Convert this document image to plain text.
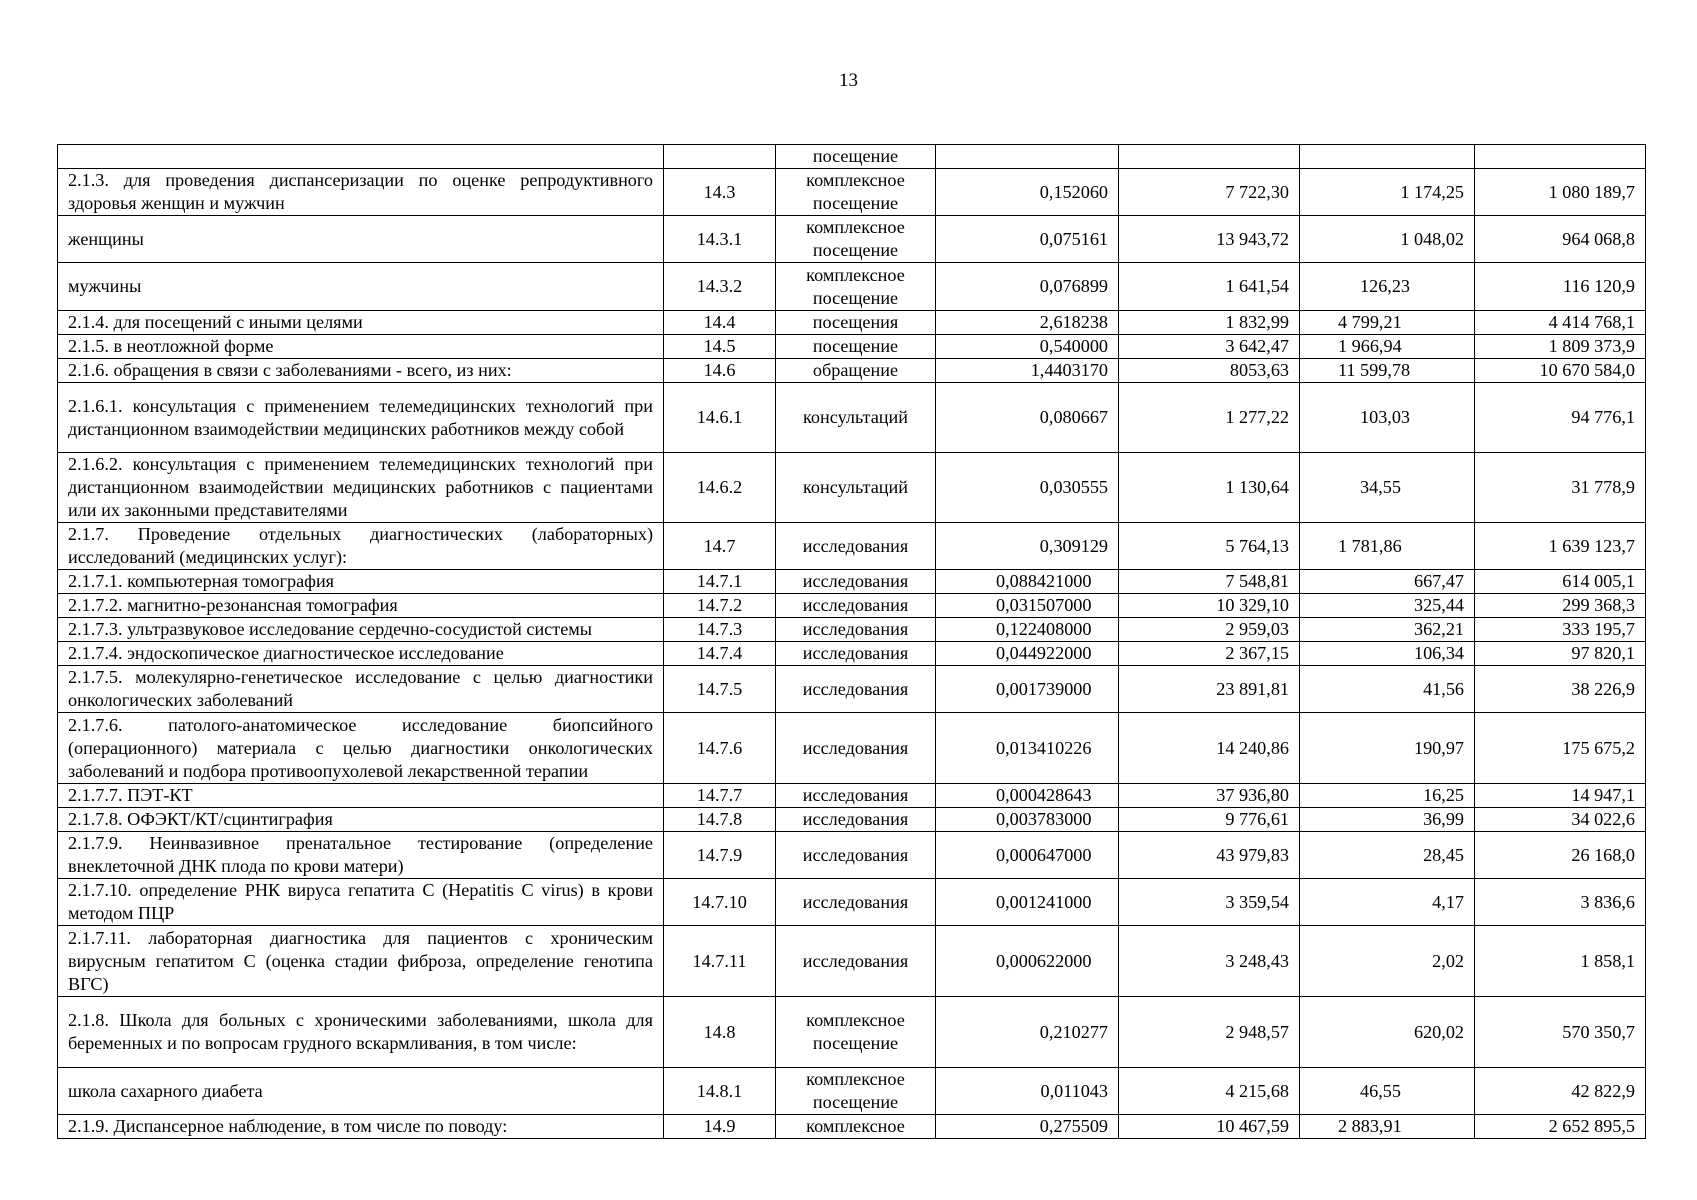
13
		посещение				
2.1.3. для проведения диспансеризации по оценке репродуктивного здоровья женщин и мужчин	14.3	комплексное посещение	0,152060	7 722,30	1 174,25	1 080 189,7
женщины	14.3.1	комплексное посещение	0,075161	13 943,72	1 048,02	964 068,8
мужчины	14.3.2	комплексное посещение	0,076899	1 641,54	126,23	116 120,9
2.1.4. для посещений с иными целями	14.4	посещения	2,618238	1 832,99	4 799,21	4 414 768,1
2.1.5. в неотложной форме	14.5	посещение	0,540000	3 642,47	1 966,94	1 809 373,9
2.1.6. обращения в связи с заболеваниями - всего, из них:	14.6	обращение	1,4403170	8053,63	11 599,78	10 670 584,0
2.1.6.1. консультация с применением телемедицинских технологий при дистанционном взаимодействии медицинских работников между собой	14.6.1	консультаций	0,080667	1 277,22	103,03	94 776,1
2.1.6.2. консультация с применением телемедицинских технологий при дистанционном взаимодействии медицинских работников с пациентами или их законными представителями	14.6.2	консультаций	0,030555	1 130,64	34,55	31 778,9
2.1.7. Проведение отдельных диагностических (лабораторных) исследований (медицинских услуг):	14.7	исследования	0,309129	5 764,13	1 781,86	1 639 123,7
2.1.7.1. компьютерная томография	14.7.1	исследования	0,088421000	7 548,81	667,47	614 005,1
2.1.7.2. магнитно-резонансная томография	14.7.2	исследования	0,031507000	10 329,10	325,44	299 368,3
2.1.7.3. ультразвуковое исследование сердечно-сосудистой системы	14.7.3	исследования	0,122408000	2 959,03	362,21	333 195,7
2.1.7.4. эндоскопическое диагностическое исследование	14.7.4	исследования	0,044922000	2 367,15	106,34	97 820,1
2.1.7.5. молекулярно-генетическое исследование с целью диагностики онкологических заболеваний	14.7.5	исследования	0,001739000	23 891,81	41,56	38 226,9
2.1.7.6. патолого-анатомическое исследование биопсийного (операционного) материала с целью диагностики онкологических заболеваний и подбора противоопухолевой лекарственной терапии	14.7.6	исследования	0,013410226	14 240,86	190,97	175 675,2
2.1.7.7. ПЭТ-КТ	14.7.7	исследования	0,000428643	37 936,80	16,25	14 947,1
2.1.7.8. ОФЭКТ/КТ/сцинтиграфия	14.7.8	исследования	0,003783000	9 776,61	36,99	34 022,6
2.1.7.9. Неинвазивное пренатальное тестирование (определение внеклеточной ДНК плода по крови матери)	14.7.9	исследования	0,000647000	43 979,83	28,45	26 168,0
2.1.7.10. определение РНК вируса гепатита С (Hepatitis C virus) в крови методом ПЦР	14.7.10	исследования	0,001241000	3 359,54	4,17	3 836,6
2.1.7.11. лабораторная диагностика для пациентов с хроническим вирусным гепатитом С (оценка стадии фиброза, определение генотипа ВГС)	14.7.11	исследования	0,000622000	3 248,43	2,02	1 858,1
2.1.8. Школа для больных с хроническими заболеваниями, школа для беременных и по вопросам грудного вскармливания, в том числе:	14.8	комплексное посещение	0,210277	2 948,57	620,02	570 350,7
школа сахарного диабета	14.8.1	комплексное посещение	0,011043	4 215,68	46,55	42 822,9
2.1.9. Диспансерное наблюдение, в том числе по поводу:	14.9	комплексное	0,275509	10 467,59	2 883,91	2 652 895,5
